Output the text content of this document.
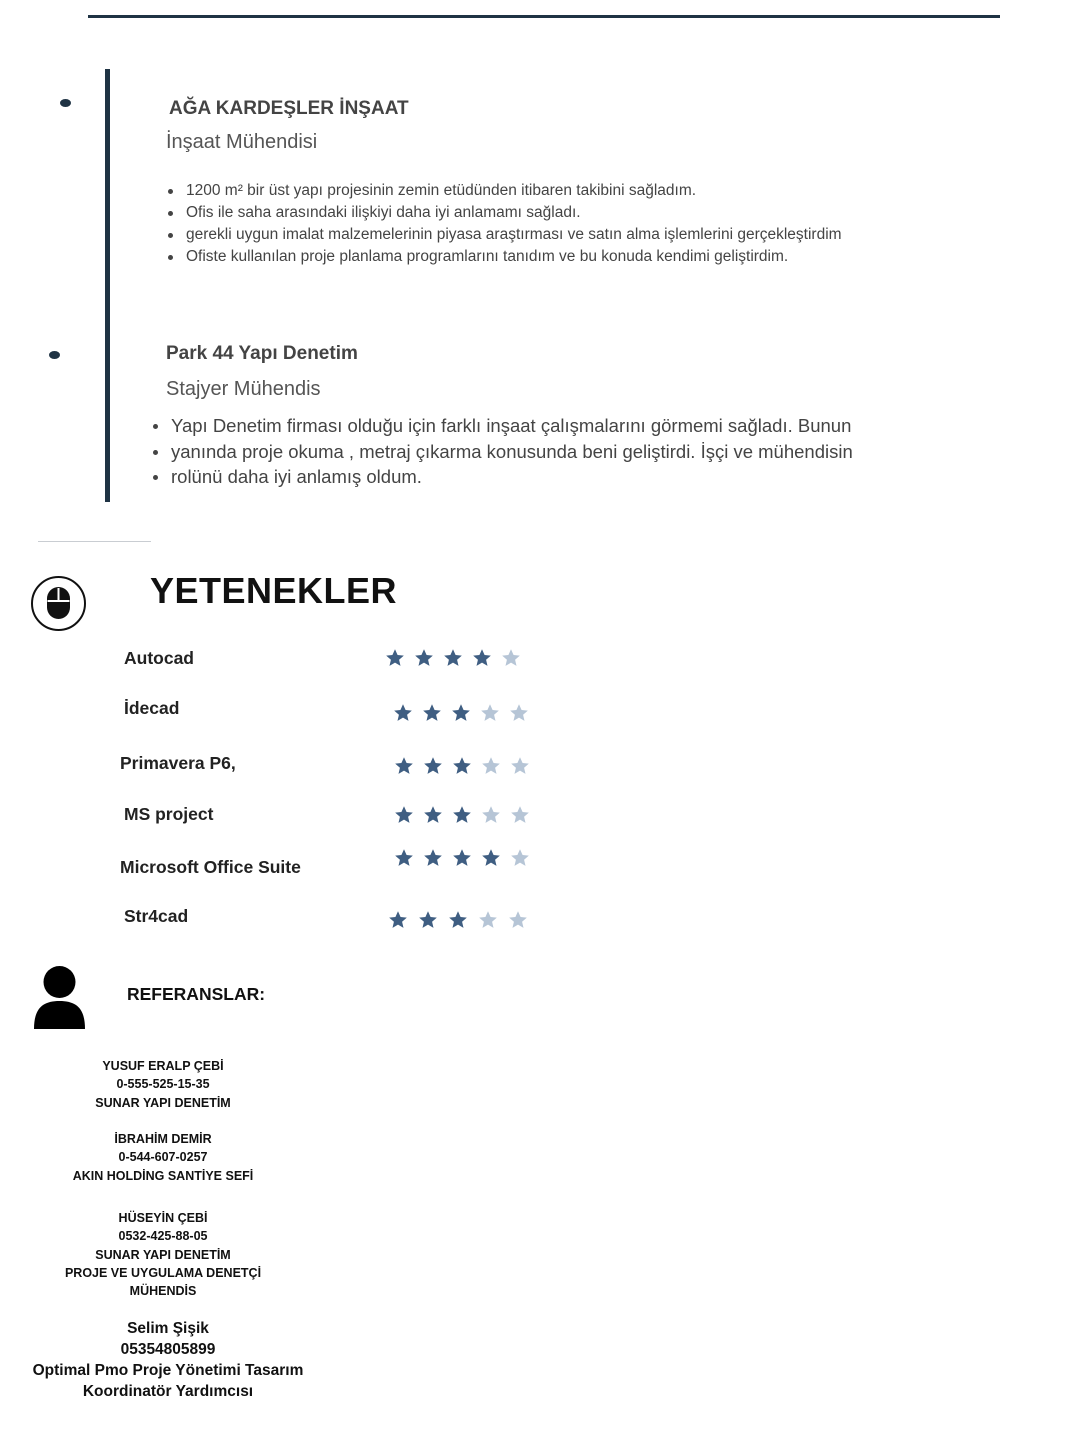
AĞA KARDEŞLER İNŞAAT
İnşaat Mühendisi
1200 m² bir üst yapı projesinin zemin etüdünden itibaren takibini sağladım.
Ofis ile saha arasındaki ilişkiyi daha iyi anlamamı sağladı.
gerekli uygun imalat malzemelerinin piyasa araştırması ve satın alma işlemlerini gerçekleştirdim
Ofiste kullanılan proje planlama programlarını tanıdım ve bu konuda kendimi geliştirdim.
Park 44 Yapı Denetim
Stajyer Mühendis
Yapı Denetim firması olduğu için farklı inşaat çalışmalarını görmemi sağladı. Bunun
yanında proje okuma , metraj çıkarma konusunda beni geliştirdi. İşçi ve mühendisin
rolünü daha iyi anlamış oldum.
YETENEKLER
Autocad
İdecad
Primavera P6,
MS project
Microsoft Office Suite
Str4cad
REFERANSLAR:
YUSUF ERALP ÇEBİ
0-555-525-15-35
SUNAR YAPI DENETİM
İBRAHİM DEMİR
0-544-607-0257
AKIN HOLDİNG SANTİYE SEFİ
HÜSEYİN ÇEBİ
0532-425-88-05
SUNAR YAPI DENETİM
PROJE VE UYGULAMA DENETÇİ
MÜHENDİS
Selim Şişik
05354805899
Optimal Pmo Proje Yönetimi Tasarım
Koordinatör Yardımcısı
